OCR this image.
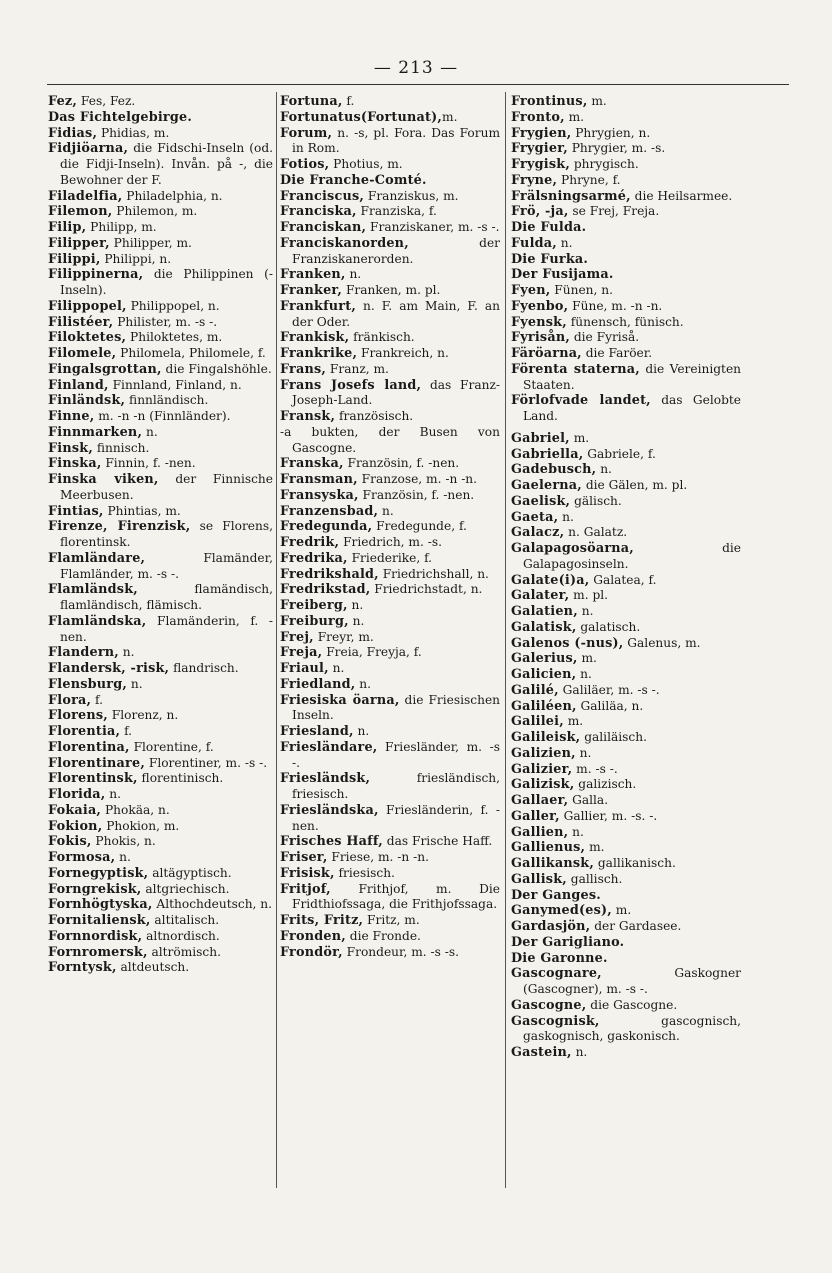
— 213 —

Fez, Fes, Fez.

Das Fichtelgebirge.

Fidias, Phidias, m.

Fidjiöarna, die Fidschi-Inseln (od. die Fidji-Inseln). Invån. på -, die Bewohner der F.

Filadelfia, Philadelphia, n.

Filemon, Philemon, m.

Filip, Philipp, m.

Filipper, Philipper, m.

Filippi, Philippi, n.

Filippinerna, die Philippinen (-Inseln).

Filippopel, Philippopel, n.

Filistéer, Philister, m. -s -.

Filoktetes, Philoktetes, m.

Filomele, Philomela, Philomele, f.

Fingalsgrottan, die Fingalshöhle.

Finland, Finnland, Finland, n.

Finländsk, finnländisch.

Finne, m. -n -n (Finnländer).

Finnmarken, n.

Finsk, finnisch.

Finska, Finnin, f. -nen.

Finska viken, der Finnische Meerbusen.

Fintias, Phintias, m.

Firenze, Firenzisk, se Florens, florentinsk.

Flamländare, Flamänder, Flamländer, m. -s -.

Flamländsk, flamändisch, flamländisch, flämisch.

Flamländska, Flamänderin, f. -nen.

Flandern, n.

Flandersk, -risk, flandrisch.

Flensburg, n.

Flora, f.

Florens, Florenz, n.

Florentia, f.

Florentina, Florentine, f.

Florentinare, Florentiner, m. -s -.

Florentinsk, florentinisch.

Florida, n.

Fokaia, Phokäa, n.

Fokion, Phokion, m.

Fokis, Phokis, n.

Formosa, n.

Fornegyptisk, altägyptisch.

Forngrekisk, altgriechisch.

Fornhögtyska, Althochdeutsch, n.

Fornitaliensk, altitalisch.

Fornnordisk, altnordisch.

Fornromersk, altrömisch.

Forntysk, altdeutsch.

Fortuna, f.

Fortunatus(Fortunat),m.

Forum, n. -s, pl. Fora. Das Forum in Rom.

Fotios, Photius, m.

Die Franche-Comté.

Franciscus, Franziskus, m.

Franciska, Franziska, f.

Franciskan, Franziskaner, m. -s -.

Franciskanorden, der Franziskanerorden.

Franken, n.

Franker, Franken, m. pl.

Frankfurt, n. F. am Main, F. an der Oder.

Frankisk, fränkisch.

Frankrike, Frankreich, n.

Frans, Franz, m.

Frans Josefs land, das Franz-Joseph-Land.

Fransk, französisch.

-a bukten, der Busen von Gascogne.

Franska, Französin, f. -nen.

Fransman, Franzose, m. -n -n.

Fransyska, Französin, f. -nen.

Franzensbad, n.

Fredegunda, Fredegunde, f.

Fredrik, Friedrich, m. -s.

Fredrika, Friederike, f.

Fredrikshald, Friedrichshall, n.

Fredrikstad, Friedrichstadt, n.

Freiberg, n.

Freiburg, n.

Frej, Freyr, m.

Freja, Freia, Freyja, f.

Friaul, n.

Friedland, n.

Friesiska öarna, die Friesischen Inseln.

Friesland, n.

Friesländare, Friesländer, m. -s -.

Friesländsk, friesländisch, friesisch.

Friesländska, Friesländerin, f. -nen.

Frisches Haff, das Frische Haff.

Friser, Friese, m. -n -n.

Frisisk, friesisch.

Fritjof, Frithjof, m. Die Fridthiofssaga, die Frithjofssaga.

Frits, Fritz, Fritz, m.

Fronden, die Fronde.

Frondör, Frondeur, m. -s -s.

Frontinus, m.

Fronto, m.

Frygien, Phrygien, n.

Frygier, Phrygier, m. -s.

Frygisk, phrygisch.

Fryne, Phryne, f.

Frälsningsarmé, die Heilsarmee.

Frö, -ja, se Frej, Freja.

Die Fulda.

Fulda, n.

Die Furka.

Der Fusijama.

Fyen, Fünen, n.

Fyenbo, Füne, m. -n -n.

Fyensk, fünensch, fünisch.

Fyrisån, die Fyriså.

Färöarna, die Faröer.

Förenta staterna, die Vereinigten Staaten.

Förlofvade landet, das Gelobte Land.

Gabriel, m.

Gabriella, Gabriele, f.

Gadebusch, n.

Gaelerna, die Gälen, m. pl.

Gaelisk, gälisch.

Gaeta, n.

Galacz, n. Galatz.

Galapagosöarna, die Galapagosinseln.

Galate(i)a, Galatea, f.

Galater, m. pl.

Galatien, n.

Galatisk, galatisch.

Galenos (-nus), Galenus, m.

Galerius, m.

Galicien, n.

Galilé, Galiläer, m. -s -.

Galiléen, Galiläa, n.

Galilei, m.

Galileisk, galiläisch.

Galizien, n.

Galizier, m. -s -.

Galizisk, galizisch.

Gallaer, Galla.

Galler, Gallier, m. -s. -.

Gallien, n.

Gallienus, m.

Gallikansk, gallikanisch.

Gallisk, gallisch.

Der Ganges.

Ganymed(es), m.

Gardasjön, der Gardasee.

Der Garigliano.

Die Garonne.

Gascognare, Gaskogner (Gascogner), m. -s -.

Gascogne, die Gascogne.

Gascognisk, gascognisch, gaskognisch, gaskonisch.

Gastein, n.
